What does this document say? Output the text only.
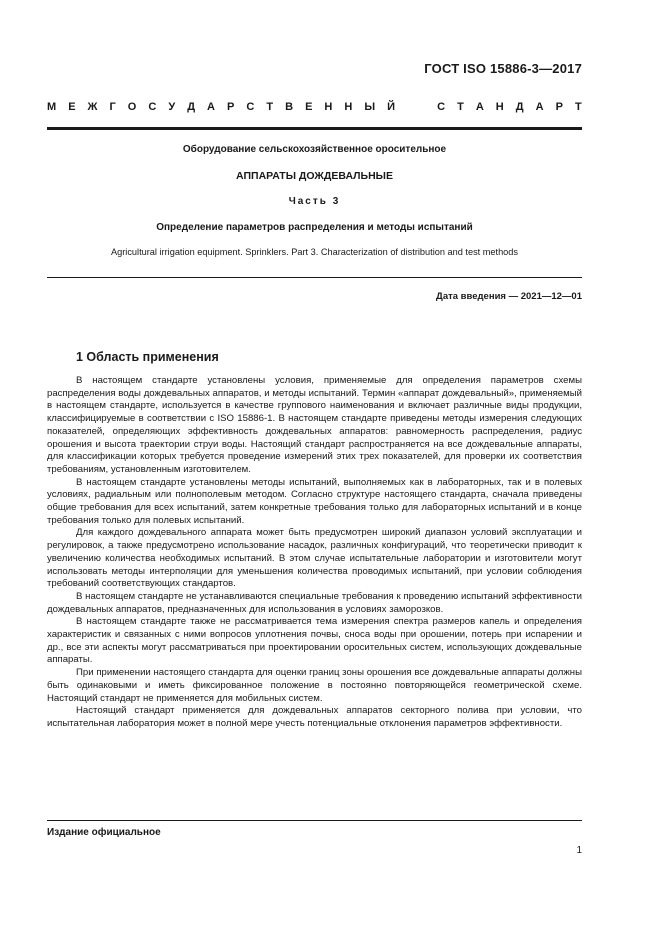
ГОСТ ISO 15886-3—2017
М Е Ж Г О С У Д А Р С Т В Е Н Н Ы Й	С Т А Н Д А Р Т
Оборудование сельскохозяйственное оросительное
АППАРАТЫ ДОЖДЕВАЛЬНЫЕ
Часть 3
Определение параметров распределения и методы испытаний
Agricultural irrigation equipment. Sprinklers. Part 3. Characterization of distribution and test methods
Дата введения — 2021—12—01
1 Область применения

В настоящем стандарте установлены условия, применяемые для определения параметров схемы распределения воды дождевальных аппаратов, и методы испытаний. Термин «аппарат дождевальный», применяемый в настоящем стандарте, используется в качестве группового наименования и включает различные виды продукции, классифицируемые в соответствии с ISO 15886-1. В настоящем стандарте приведены методы измерения следующих показателей, определяющих эффективность дождевальных аппаратов: равномерность распределения, радиус орошения и высота траектории струи воды. Настоящий стандарт распространяется на все дождевальные аппараты, для классификации которых требуется проведение измерений этих трех показателей, для проверки их соответствия требованиям, установленным изготовителем.

В настоящем стандарте установлены методы испытаний, выполняемых как в лабораторных, так и в полевых условиях, радиальным или полнополевым методом. Согласно структуре настоящего стандарта, сначала приведены общие требования для всех испытаний, затем конкретные требования только для лабораторных испытаний и в конце требования только для полевых испытаний.

Для каждого дождевального аппарата может быть предусмотрен широкий диапазон условий эксплуатации и регулировок, а также предусмотрено использование насадок, различных конфигураций, что теоретически приводит к увеличению количества необходимых испытаний. В этом случае испытательные лаборатории и изготовители могут использовать методы интерполяции для уменьшения количества проводимых испытаний, при условии соблюдения требований соответствующих стандартов.

В настоящем стандарте не устанавливаются специальные требования к проведению испытаний эффективности дождевальных аппаратов, предназначенных для использования в условиях заморозков.

В настоящем стандарте также не рассматривается тема измерения спектра размеров капель и определения характеристик и связанных с ними вопросов уплотнения почвы, сноса воды при орошении, потерь при испарении и др., все эти аспекты могут рассматриваться при проектировании оросительных систем, использующих дождевальные аппараты.

При применении настоящего стандарта для оценки границ зоны орошения все дождевальные аппараты должны быть одинаковыми и иметь фиксированное положение в постоянно повторяющейся геометрической схеме. Настоящий стандарт не применяется для мобильных систем.

Настоящий стандарт применяется для дождевальных аппаратов секторного полива при условии, что испытательная лаборатория может в полной мере учесть потенциальные отклонения параметров эффективности.

Издание официальное
1
